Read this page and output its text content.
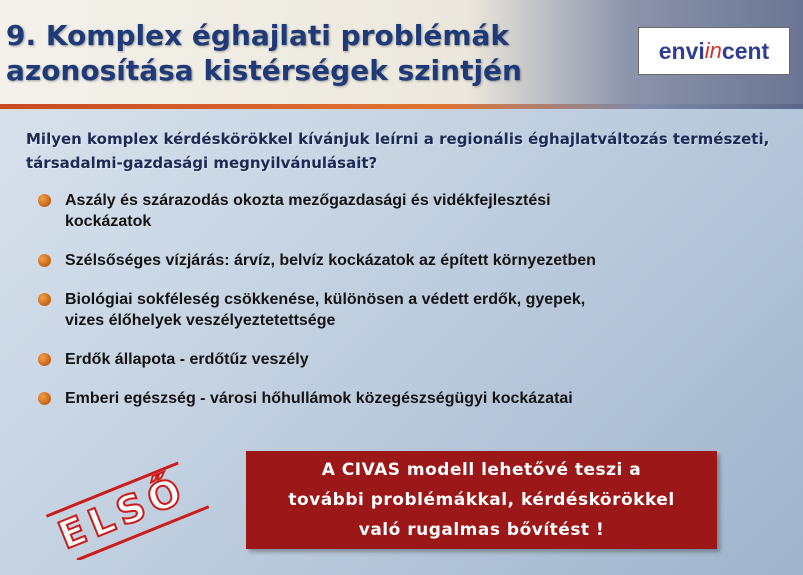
9. Komplex éghajlati problémák
azonosítása kistérségek szintjén
envi in cent

Milyen komplex kérdéskörökkel kívánjuk leírni a regionális éghajlatváltozás természeti, társadalmi-gazdasági megnyilvánulásait?

Aszály és szárazodás okozta mezőgazdasági és vidékfejlesztési kockázatok
Szélsőséges vízjárás: árvíz, belvíz kockázatok az épített környezetben
Biológiai sokféleség csökkenése, különösen a védett erdők, gyepek, vizes élőhelyek veszélyeztetettsége
Erdők állapota - erdőtűz veszély
Emberi egészség - városi hőhullámok közegészségügyi kockázatai
ELSŐ	A CIVAS modell lehetővé teszi a
további problémákkal, kérdéskörökkel
való rugalmas bővítést !
